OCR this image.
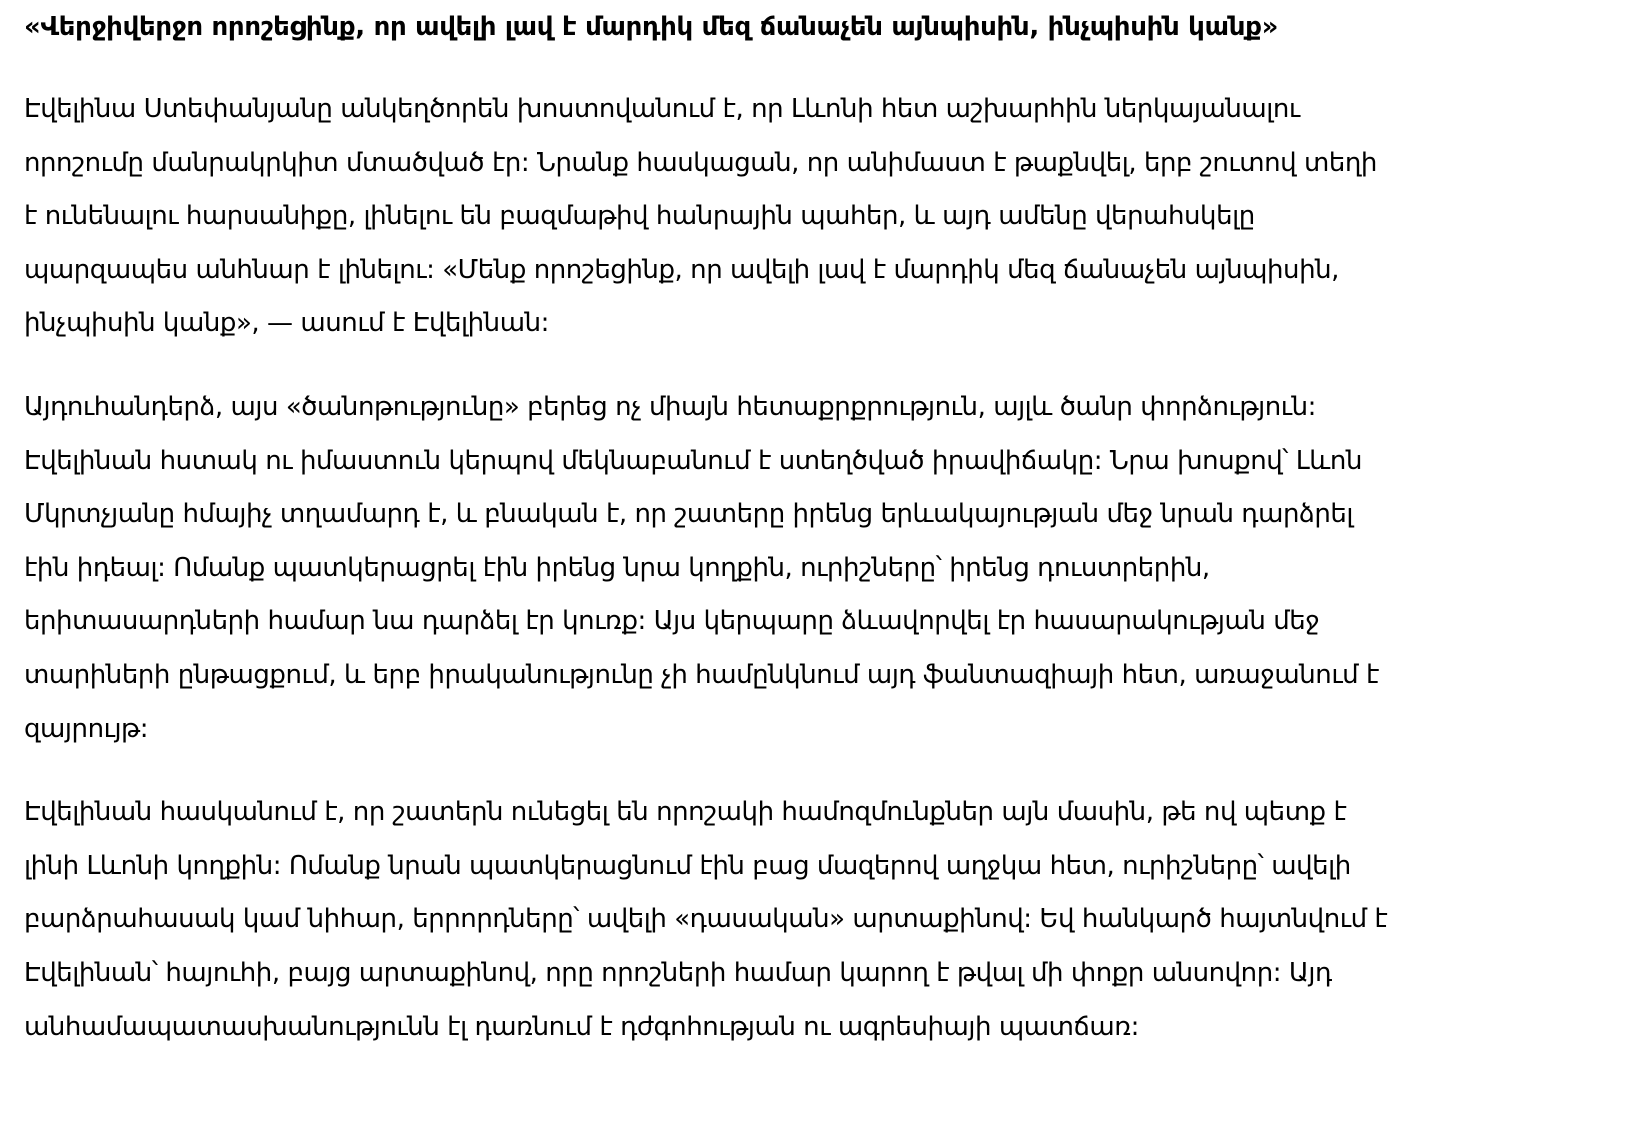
«Վերջիվերջո որոշեցինք, որ ավելի լավ է մարդիկ մեզ ճանաչեն այնպիսին, ինչպիսին կանք»

Էվելինա Ստեփանյանը անկեղծորեն խոստովանում է, որ Լևոնի հետ աշխարհին ներկայանալու
որոշումը մանրակրկիտ մտածված էր: Նրանք հասկացան, որ անիմաստ է թաքնվել, երբ շուտով տեղի
է ունենալու հարսանիքը, լինելու են բազմաթիվ հանրային պահեր, և այդ ամենը վերահսկելը
պարզապես անհնար է լինելու: «Մենք որոշեցինք, որ ավելի լավ է մարդիկ մեզ ճանաչեն այնպիսին,
ինչպիսին կանք», — ասում է Էվելինան:

Այդուհանդերձ, այս «ծանոթությունը» բերեց ոչ միայն հետաքրքրություն, այլև ծանր փորձություն:
Էվելինան հստակ ու իմաստուն կերպով մեկնաբանում է ստեղծված իրավիճակը: Նրա խոսքով՝ Լևոն
Մկրտչյանը հմայիչ տղամարդ է, և բնական է, որ շատերը իրենց երևակայության մեջ նրան դարձրել
էին իդեալ: Ոմանք պատկերացրել էին իրենց նրա կողքին, ուրիշները՝ իրենց դուստրերին,
երիտասարդների համար նա դարձել էր կուռք: Այս կերպարը ձևավորվել էր հասարակության մեջ
տարիների ընթացքում, և երբ իրականությունը չի համընկնում այդ ֆանտազիայի հետ, առաջանում է
զայրույթ:

Էվելինան հասկանում է, որ շատերն ունեցել են որոշակի համոզմունքներ այն մասին, թե ով պետք է
լինի Լևոնի կողքին: Ոմանք նրան պատկերացնում էին բաց մազերով աղջկա հետ, ուրիշները՝ ավելի
բարձրահասակ կամ նիհար, երրորդները՝ ավելի «դասական» արտաքինով: Եվ հանկարծ հայտնվում է
Էվելինան՝ հայուհի, բայց արտաքինով, որը որոշների համար կարող է թվալ մի փոքր անսովոր: Այդ
անհամապատասխանությունն էլ դառնում է դժգոհության ու ագրեսիայի պատճառ:
